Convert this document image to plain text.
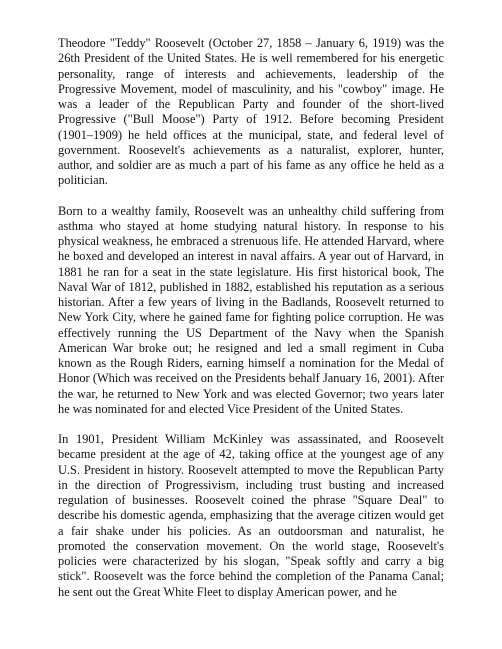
Theodore "Teddy" Roosevelt (October 27, 1858 – January 6, 1919) was the 26th President of the United States. He is well remembered for his energetic personality, range of interests and achievements, leadership of the Progressive Movement, model of masculinity, and his "cowboy" image. He was a leader of the Republican Party and founder of the short-lived Progressive ("Bull Moose") Party of 1912. Before becoming President (1901–1909) he held offices at the municipal, state, and federal level of government. Roosevelt's achievements as a naturalist, explorer, hunter, author, and soldier are as much a part of his fame as any office he held as a politician.

Born to a wealthy family, Roosevelt was an unhealthy child suffering from asthma who stayed at home studying natural history. In response to his physical weakness, he embraced a strenuous life. He attended Harvard, where he boxed and developed an interest in naval affairs. A year out of Harvard, in 1881 he ran for a seat in the state legislature. His first historical book, The Naval War of 1812, published in 1882, established his reputation as a serious historian. After a few years of living in the Badlands, Roosevelt returned to New York City, where he gained fame for fighting police corruption. He was effectively running the US Department of the Navy when the Spanish American War broke out; he resigned and led a small regiment in Cuba known as the Rough Riders, earning himself a nomination for the Medal of Honor (Which was received on the Presidents behalf January 16, 2001). After the war, he returned to New York and was elected Governor; two years later he was nominated for and elected Vice President of the United States.

In 1901, President William McKinley was assassinated, and Roosevelt became president at the age of 42, taking office at the youngest age of any U.S. President in history. Roosevelt attempted to move the Republican Party in the direction of Progressivism, including trust busting and increased regulation of businesses. Roosevelt coined the phrase "Square Deal" to describe his domestic agenda, emphasizing that the average citizen would get a fair shake under his policies. As an outdoorsman and naturalist, he promoted the conservation movement. On the world stage, Roosevelt's policies were characterized by his slogan, "Speak softly and carry a big stick". Roosevelt was the force behind the completion of the Panama Canal; he sent out the Great White Fleet to display American power, and he
